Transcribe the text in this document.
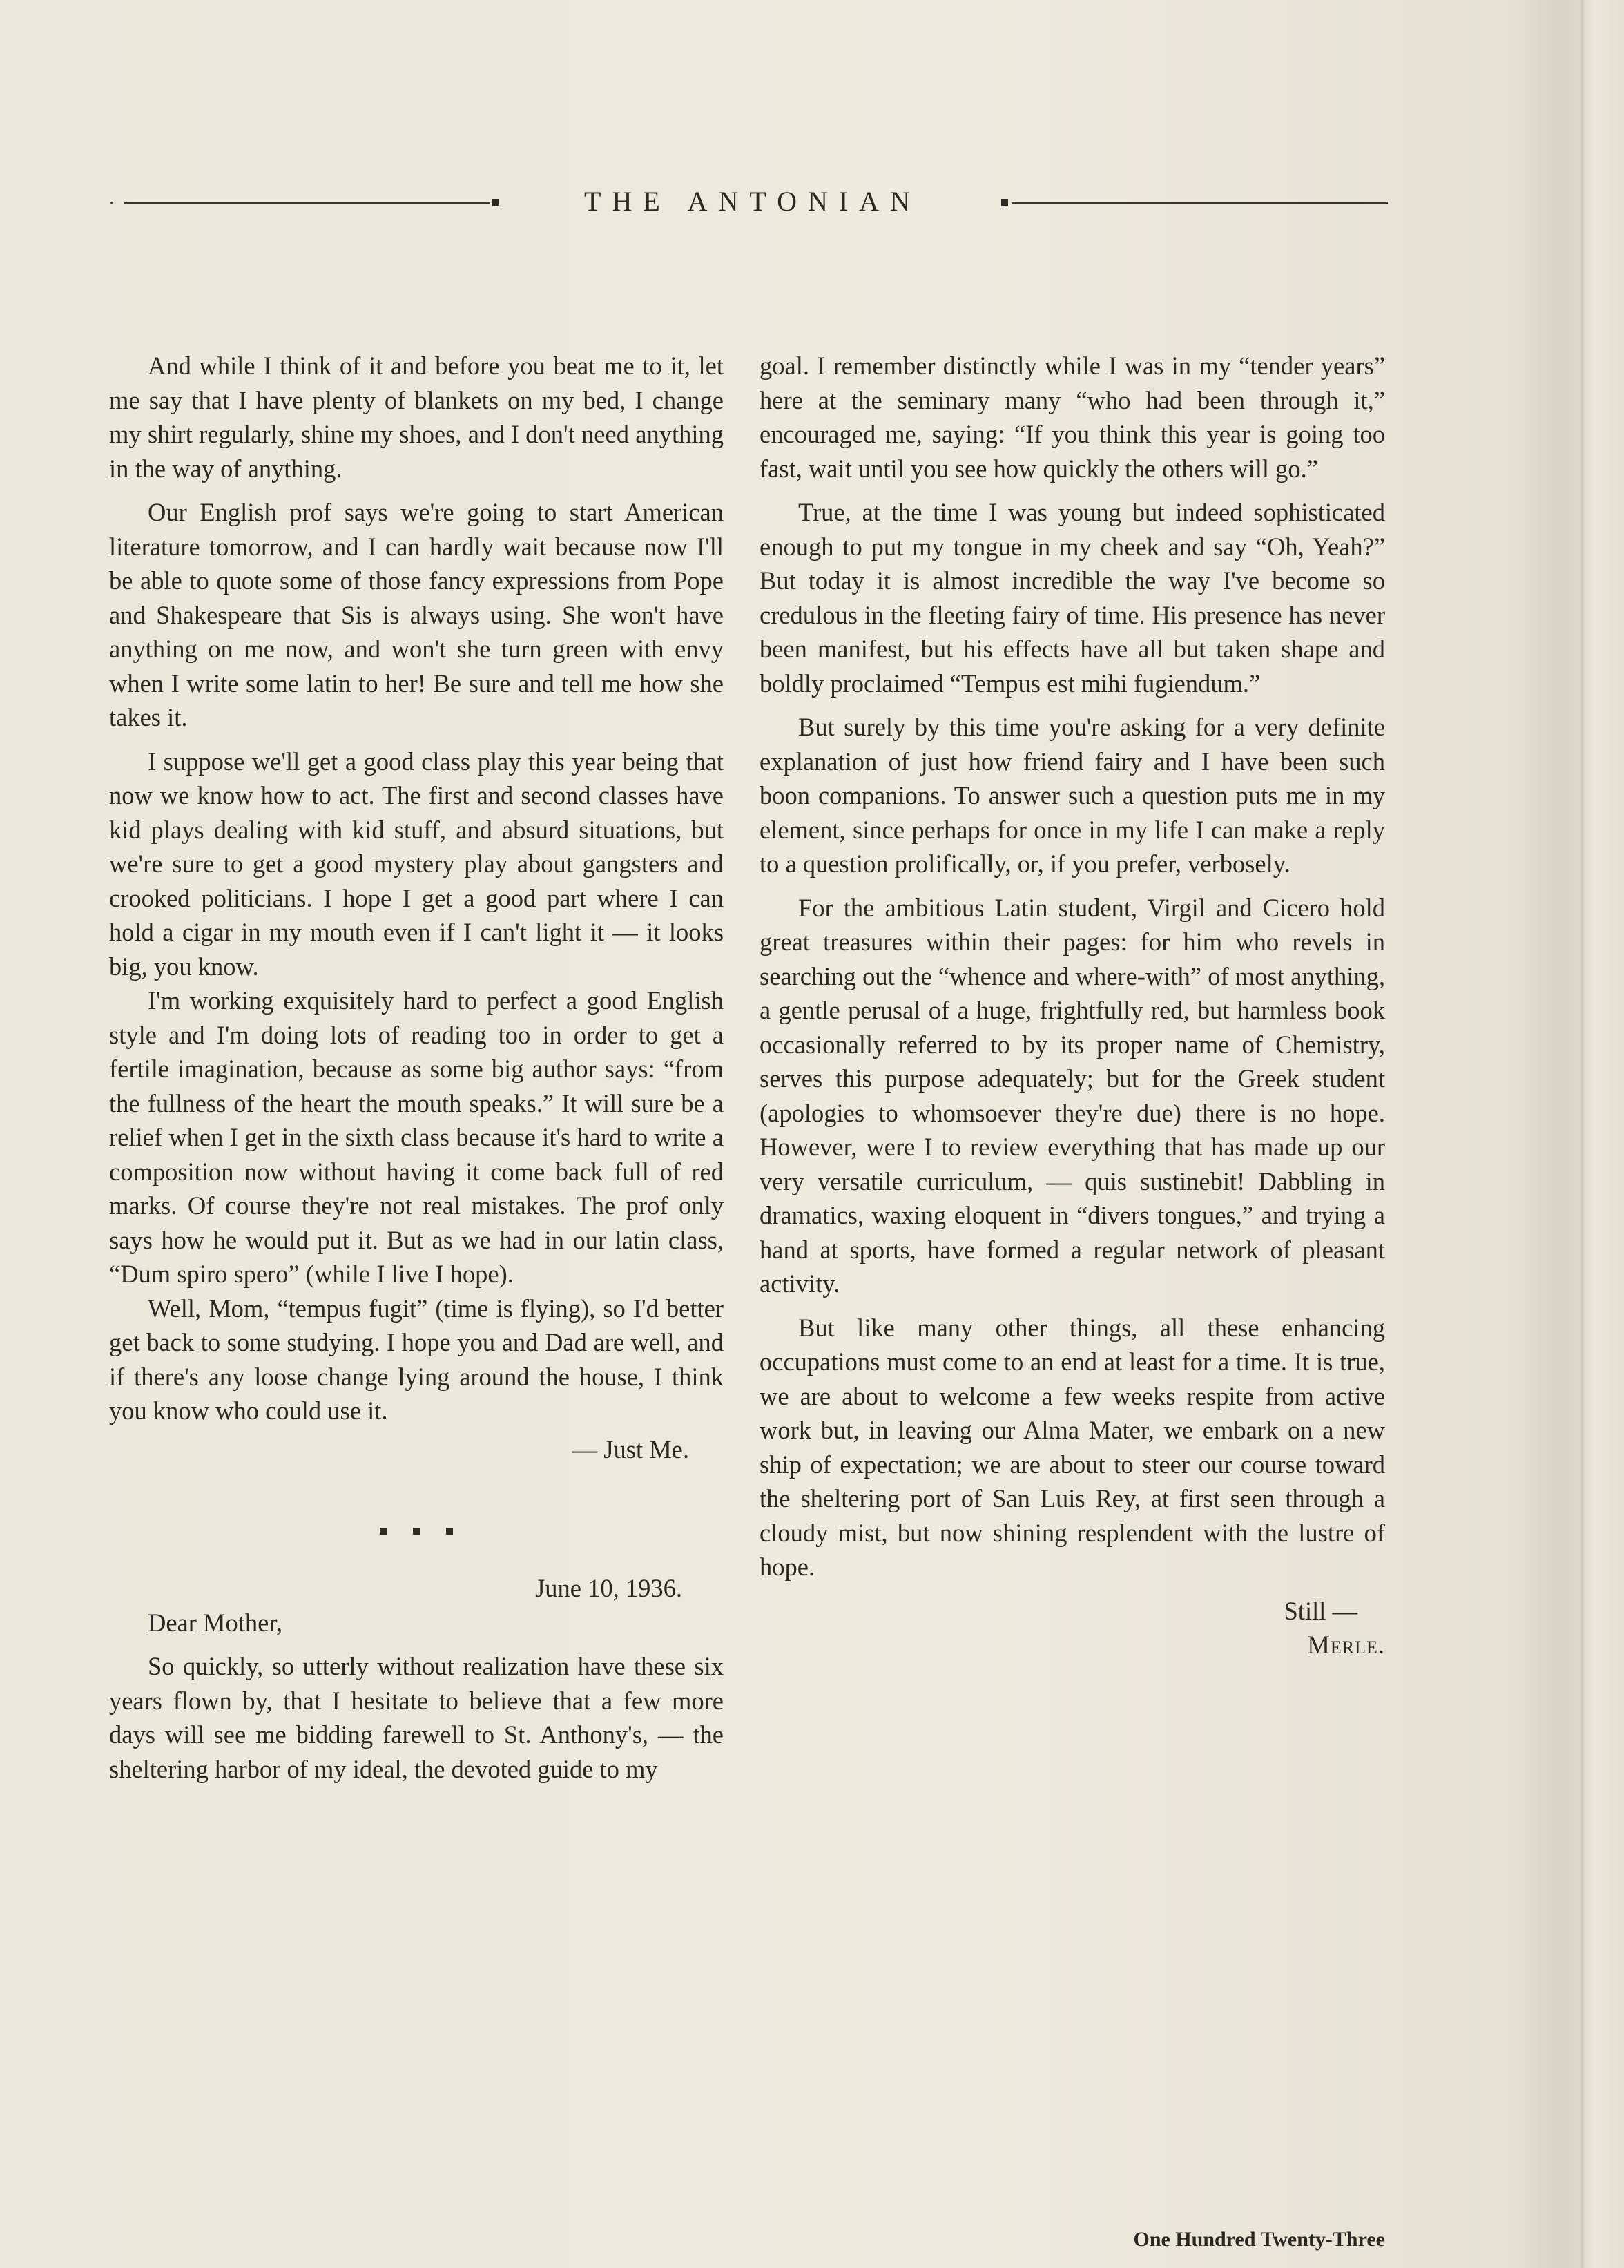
THE ANTONIAN

And while I think of it and before you beat me to it, let me say that I have plenty of blankets on my bed, I change my shirt regularly, shine my shoes, and I don't need anything in the way of anything.

Our English prof says we're going to start American literature tomorrow, and I can hardly wait because now I'll be able to quote some of those fancy expressions from Pope and Shakespeare that Sis is always using. She won't have anything on me now, and won't she turn green with envy when I write some latin to her! Be sure and tell me how she takes it.

I suppose we'll get a good class play this year being that now we know how to act. The first and second classes have kid plays dealing with kid stuff, and absurd situations, but we're sure to get a good mystery play about gangsters and crooked politicians. I hope I get a good part where I can hold a cigar in my mouth even if I can't light it — it looks big, you know.

I'm working exquisitely hard to perfect a good English style and I'm doing lots of reading too in order to get a fertile imagination, because as some big author says: “from the fullness of the heart the mouth speaks.” It will sure be a relief when I get in the sixth class because it's hard to write a composition now without having it come back full of red marks. Of course they're not real mistakes. The prof only says how he would put it. But as we had in our latin class, “Dum spiro spero” (while I live I hope).

Well, Mom, “tempus fugit” (time is flying), so I'd better get back to some studying. I hope you and Dad are well, and if there's any loose change lying around the house, I think you know who could use it.

— Just Me.

June 10, 1936.

Dear Mother,

So quickly, so utterly without realization have these six years flown by, that I hesitate to believe that a few more days will see me bidding farewell to St. Anthony's, — the sheltering harbor of my ideal, the devoted guide to my

goal. I remember distinctly while I was in my “tender years” here at the seminary many “who had been through it,” encouraged me, saying: “If you think this year is going too fast, wait until you see how quickly the others will go.”

True, at the time I was young but indeed sophisticated enough to put my tongue in my cheek and say “Oh, Yeah?” But today it is almost incredible the way I've become so credulous in the fleeting fairy of time. His presence has never been manifest, but his effects have all but taken shape and boldly proclaimed “Tempus est mihi fugiendum.”

But surely by this time you're asking for a very definite explanation of just how friend fairy and I have been such boon companions. To answer such a question puts me in my element, since perhaps for once in my life I can make a reply to a question prolifically, or, if you prefer, verbosely.

For the ambitious Latin student, Virgil and Cicero hold great treasures within their pages: for him who revels in searching out the “whence and where-with” of most anything, a gentle perusal of a huge, frightfully red, but harmless book occasionally referred to by its proper name of Chemistry, serves this purpose adequately; but for the Greek student (apologies to whomsoever they're due) there is no hope. However, were I to review everything that has made up our very versatile curriculum, — quis sustinebit! Dabbling in dramatics, waxing eloquent in “divers tongues,” and trying a hand at sports, have formed a regular network of pleasant activity.

But like many other things, all these enhancing occupations must come to an end at least for a time. It is true, we are about to welcome a few weeks respite from active work but, in leaving our Alma Mater, we embark on a new ship of expectation; we are about to steer our course toward the sheltering port of San Luis Rey, at first seen through a cloudy mist, but now shining resplendent with the lustre of hope.

Still —

Merle.

One Hundred Twenty-Three
